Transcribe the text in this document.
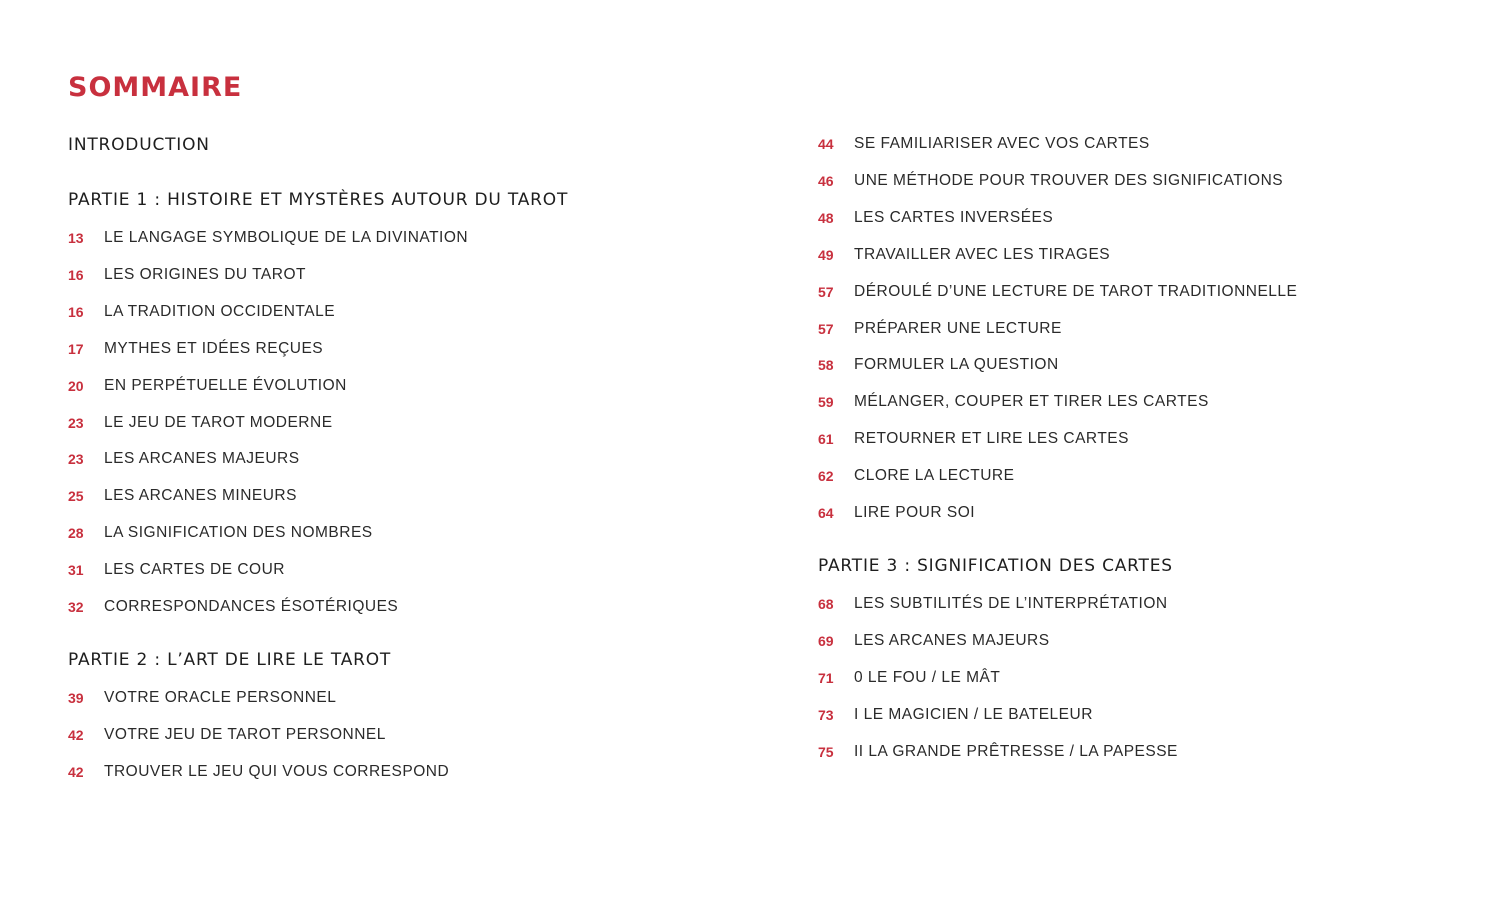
SOMMAIRE
INTRODUCTION
PARTIE 1 : HISTOIRE ET MYSTÈRES AUTOUR DU TAROT
13	LE LANGAGE SYMBOLIQUE DE LA DIVINATION
16	LES ORIGINES DU TAROT
16	LA TRADITION OCCIDENTALE
17	MYTHES ET IDÉES REÇUES
20	EN PERPÉTUELLE ÉVOLUTION
23	LE JEU DE TAROT MODERNE
23	LES ARCANES MAJEURS
25	LES ARCANES MINEURS
28	LA SIGNIFICATION DES NOMBRES
31	LES CARTES DE COUR
32	CORRESPONDANCES ÉSOTÉRIQUES
PARTIE 2 : L’ART DE LIRE LE TAROT
39	VOTRE ORACLE PERSONNEL
42	VOTRE JEU DE TAROT PERSONNEL
42	TROUVER LE JEU QUI VOUS CORRESPOND
44	SE FAMILIARISER AVEC VOS CARTES
46	UNE MÉTHODE POUR TROUVER DES SIGNIFICATIONS
48	LES CARTES INVERSÉES
49	TRAVAILLER AVEC LES TIRAGES
57	DÉROULÉ D’UNE LECTURE DE TAROT TRADITIONNELLE
57	PRÉPARER UNE LECTURE
58	FORMULER LA QUESTION
59	MÉLANGER, COUPER ET TIRER LES CARTES
61	RETOURNER ET LIRE LES CARTES
62	CLORE LA LECTURE
64	LIRE POUR SOI
PARTIE 3 : SIGNIFICATION DES CARTES
68	LES SUBTILITÉS DE L’INTERPRÉTATION
69	LES ARCANES MAJEURS
71	0 LE FOU / LE MÂT
73	I LE MAGICIEN / LE BATELEUR
75	II LA GRANDE PRÊTRESSE / LA PAPESSE
